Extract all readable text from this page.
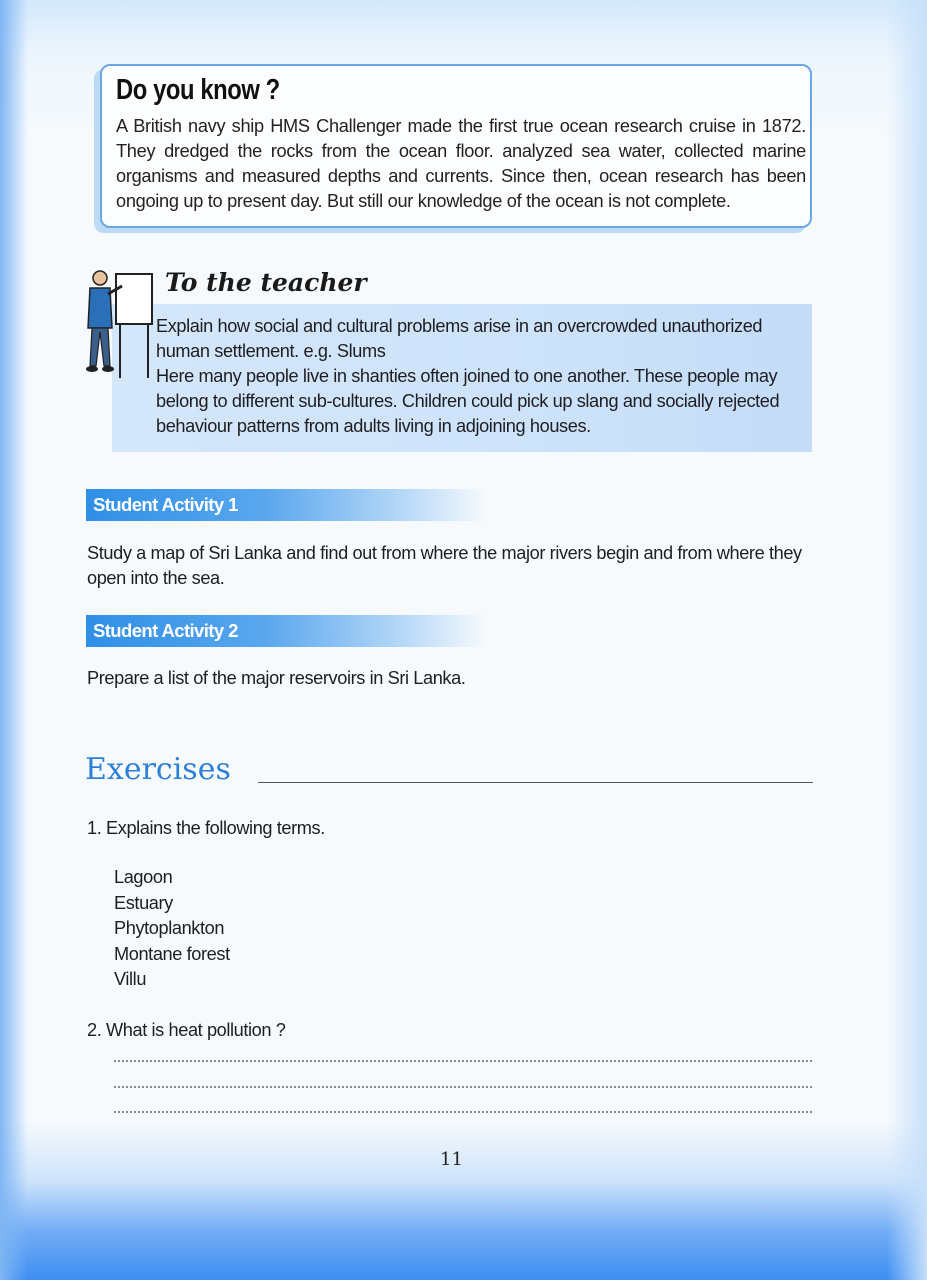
Do you know ?
A British navy ship HMS Challenger made the first true ocean research cruise in 1872. They dredged the rocks from the ocean floor. analyzed sea water, collected marine organisms and measured depths and currents. Since then, ocean research has been ongoing up to present day. But still our knowledge of the ocean is not complete.
To the teacher
Explain how social and cultural problems arise in an overcrowded unauthorized
human settlement. e.g. Slums
Here many people live in shanties often joined to one another. These people may
belong to different sub-cultures. Children could pick up slang and socially rejected
behaviour patterns from adults living in adjoining houses.
Student Activity 1
Study a map of Sri Lanka and find out from where the major rivers begin and from where they open into the sea.
Student Activity 2
Prepare a list of the major reservoirs in Sri Lanka.
Exercises
1. Explains the following terms.
Lagoon
Estuary
Phytoplankton
Montane forest
Villu
2. What is heat pollution ?
11
